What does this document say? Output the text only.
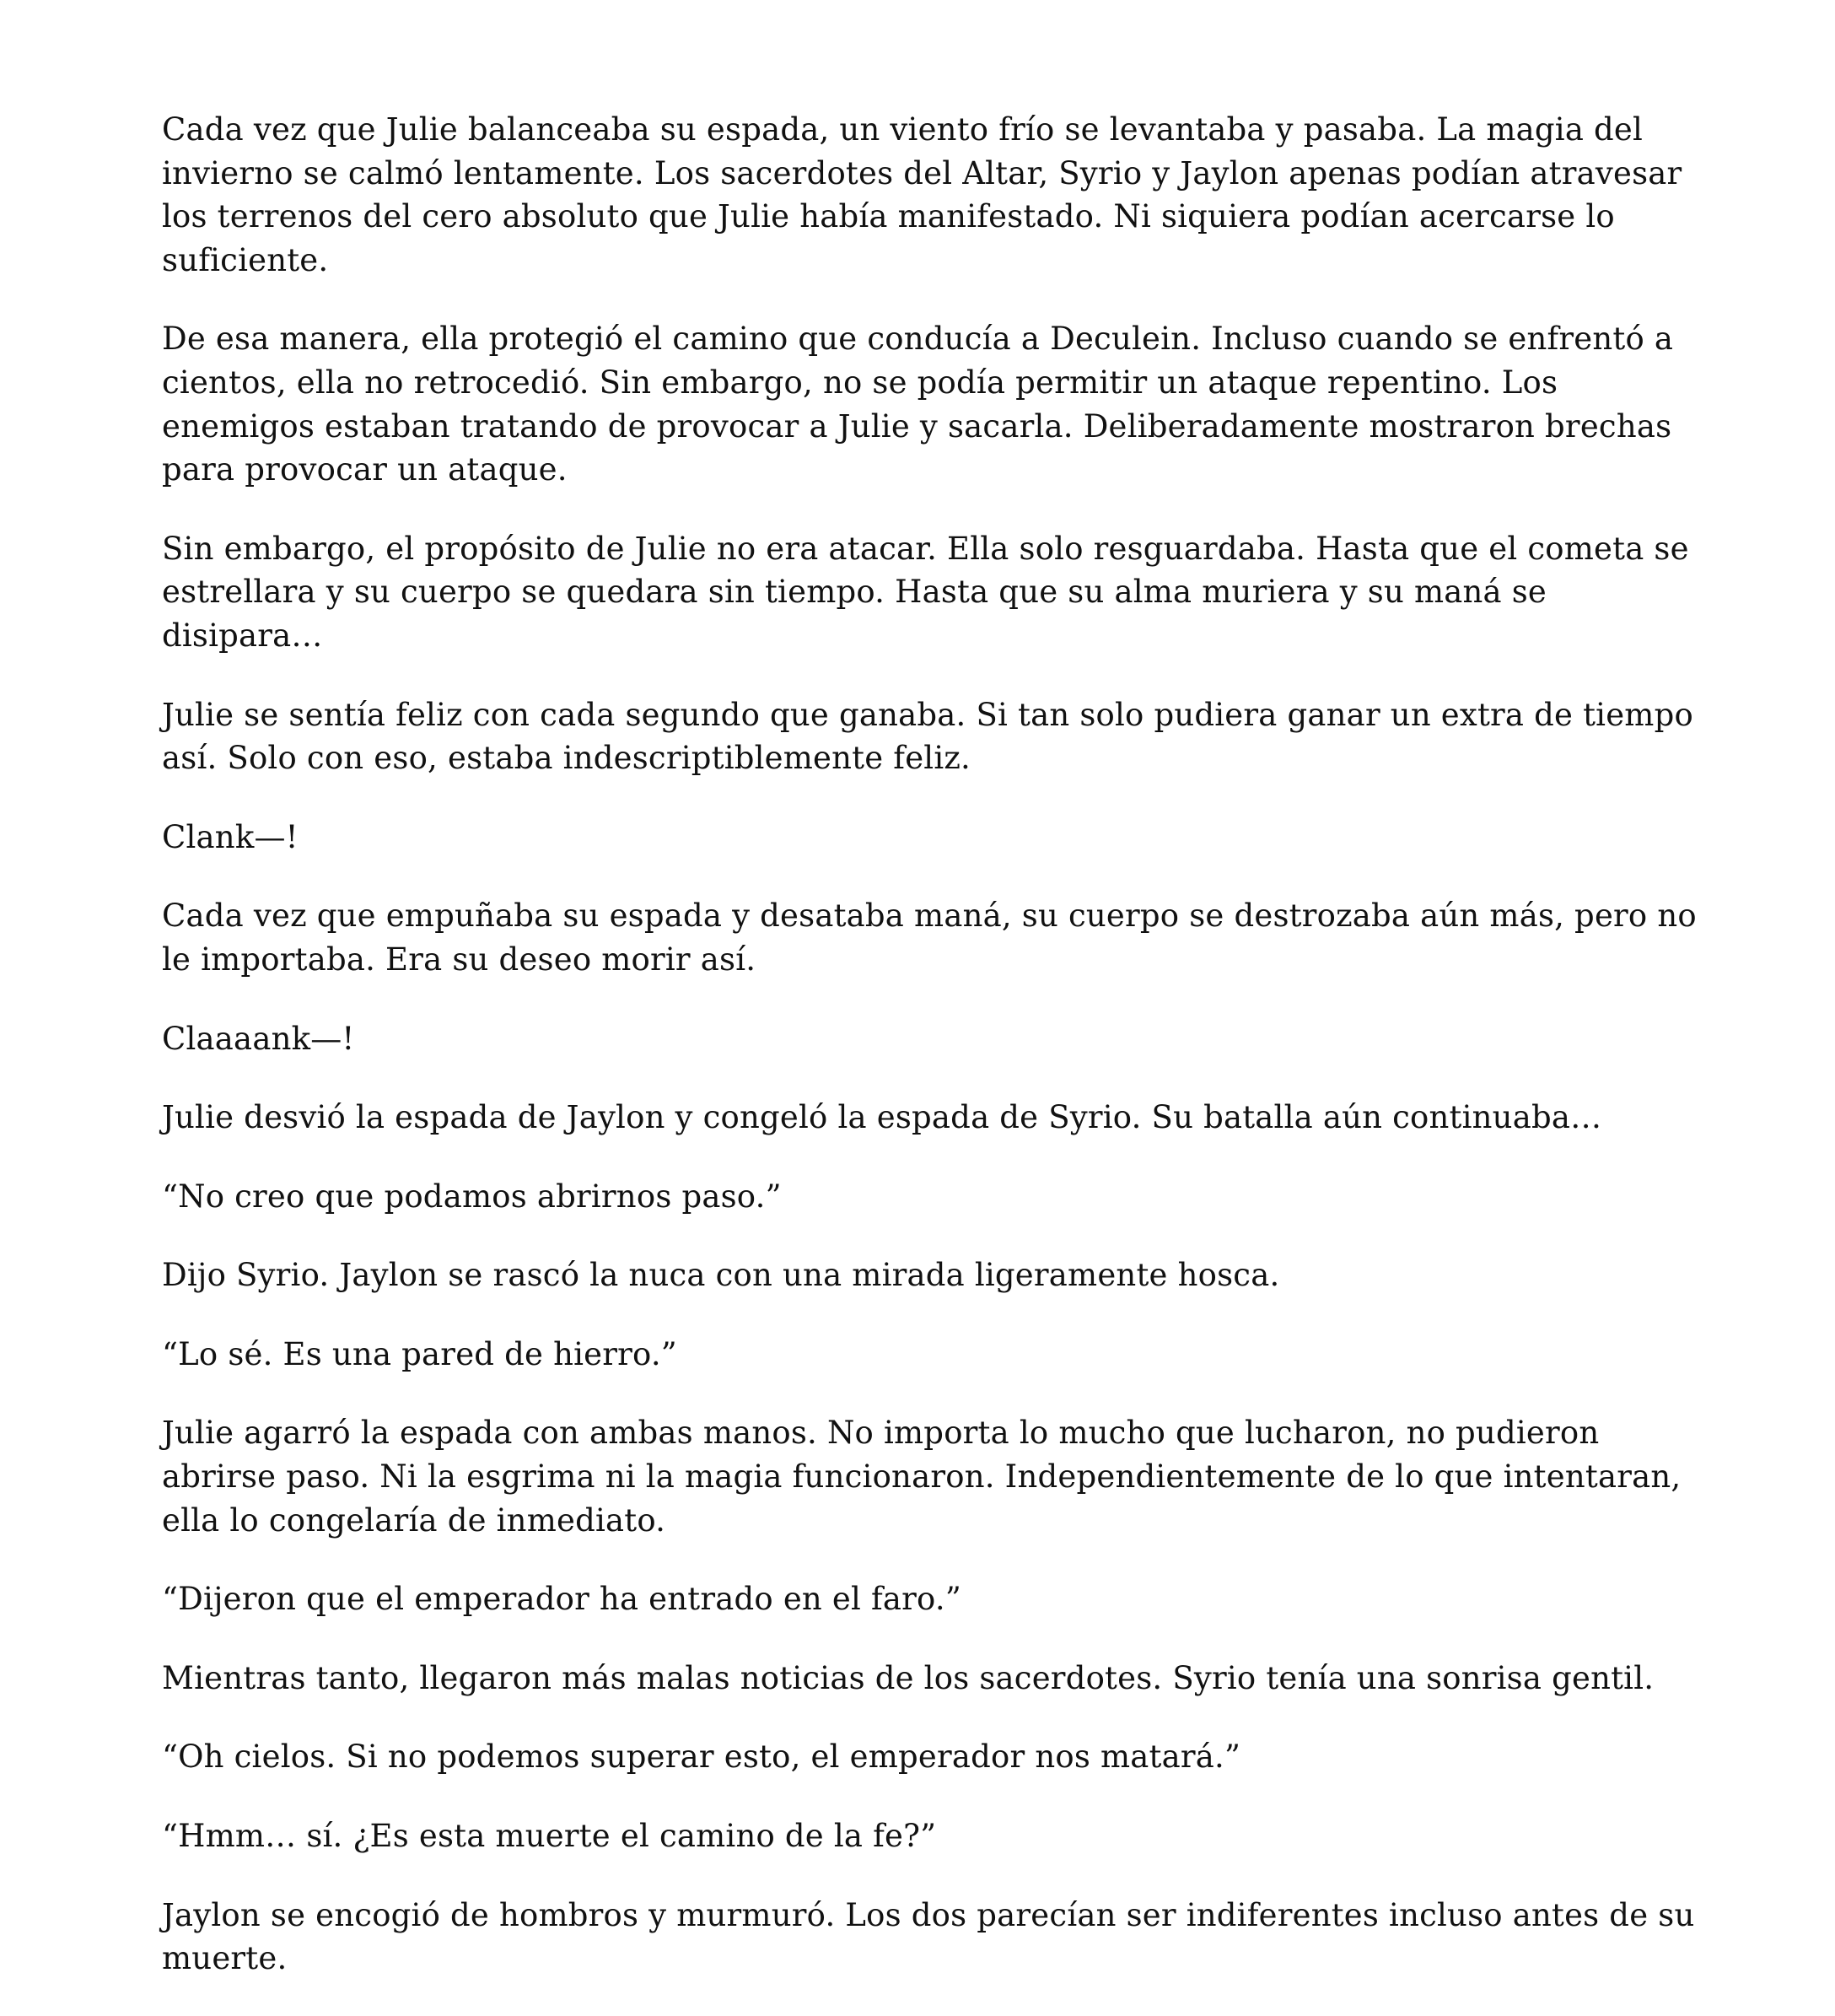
Cada vez que Julie balanceaba su espada, un viento frío se levantaba y pasaba. La magia del invierno se calmó lentamente. Los sacerdotes del Altar, Syrio y Jaylon apenas podían atravesar los terrenos del cero absoluto que Julie había manifestado. Ni siquiera podían acercarse lo suficiente.

De esa manera, ella protegió el camino que conducía a Deculein. Incluso cuando se enfrentó a cientos, ella no retrocedió. Sin embargo, no se podía permitir un ataque repentino. Los enemigos estaban tratando de provocar a Julie y sacarla. Deliberadamente mostraron brechas para provocar un ataque.

Sin embargo, el propósito de Julie no era atacar. Ella solo resguardaba. Hasta que el cometa se estrellara y su cuerpo se quedara sin tiempo. Hasta que su alma muriera y su maná se disipara…

Julie se sentía feliz con cada segundo que ganaba. Si tan solo pudiera ganar un extra de tiempo así. Solo con eso, estaba indescriptiblemente feliz.

Clank—!

Cada vez que empuñaba su espada y desataba maná, su cuerpo se destrozaba aún más, pero no le importaba. Era su deseo morir así.

Claaaank—!

Julie desvió la espada de Jaylon y congeló la espada de Syrio. Su batalla aún continuaba…

“No creo que podamos abrirnos paso.”

Dijo Syrio. Jaylon se rascó la nuca con una mirada ligeramente hosca.

“Lo sé. Es una pared de hierro.”

Julie agarró la espada con ambas manos. No importa lo mucho que lucharon, no pudieron abrirse paso. Ni la esgrima ni la magia funcionaron. Independientemente de lo que intentaran, ella lo congelaría de inmediato.

“Dijeron que el emperador ha entrado en el faro.”

Mientras tanto, llegaron más malas noticias de los sacerdotes. Syrio tenía una sonrisa gentil.

“Oh cielos. Si no podemos superar esto, el emperador nos matará.”

“Hmm… sí. ¿Es esta muerte el camino de la fe?”

Jaylon se encogió de hombros y murmuró. Los dos parecían ser indiferentes incluso antes de su muerte.
